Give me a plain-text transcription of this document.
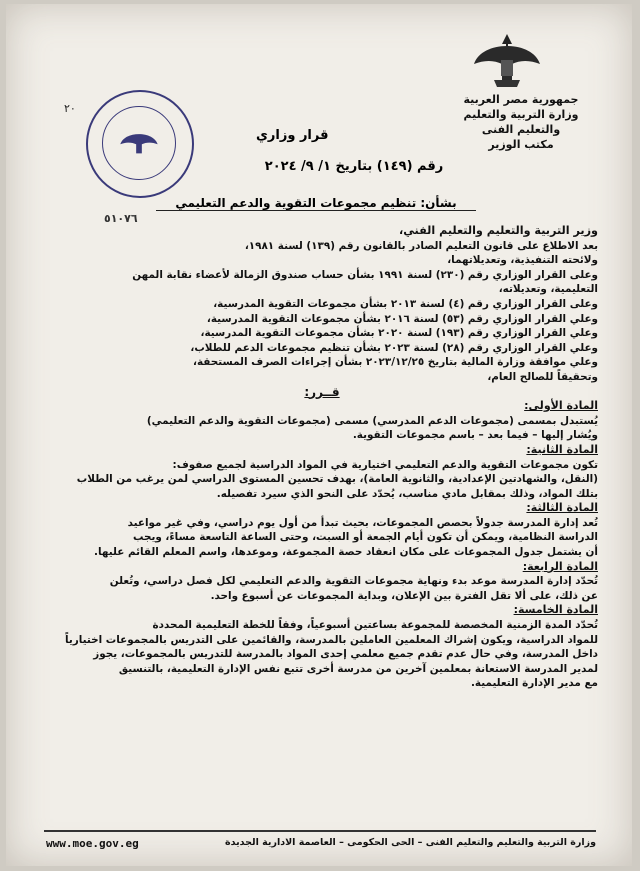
جمهورية مصر العربية
وزارة التربية والتعليم والتعليم الفنى
مكتب الوزير
٢٠
٥١٠٧٦
قرار وزاري
رقم (١٤٩) بتاريخ ١/ ٩/ ٢٠٢٤
بشأن: تنظيم مجموعات التقوية والدعم التعليمي

وزير التربية والتعليم والتعليم الفني،

بعد الاطلاع على قانون التعليم الصادر بالقانون رقم (١٣٩) لسنة ١٩٨١،

ولائحته التنفيذية، وتعديلاتهما،

وعلى القرار الوزاري رقم (٢٣٠) لسنة ١٩٩١ بشأن حساب صندوق الزمالة لأعضاء نقابة المهن

التعليمية، وتعديلاته،

وعلى القرار الوزاري رقم (٤) لسنة ٢٠١٣ بشأن مجموعات التقوية المدرسية،

وعلي القرار الوزاري رقم (٥٣) لسنة ٢٠١٦ بشأن مجموعات التقوية المدرسية،

وعلي القرار الوزاري رقم (١٩٣) لسنة ٢٠٢٠ بشأن مجموعات التقوية المدرسية،

وعلي القرار الوزاري رقم (٢٨) لسنة ٢٠٢٣ بشأن تنظيم مجموعات الدعم للطلاب،

وعلي موافقة وزارة المالية بتاريخ ٢٠٢٣/١٢/٢٥ بشأن إجراءات الصرف المستحقة،

وتحقيقاً للصالح العام،

قــرر:

المادة الأولى:

يُستبدل بمسمى (مجموعات الدعم المدرسي) مسمى (مجموعات التقوية والدعم التعليمي)

ويُشار إليها – فيما بعد – باسم مجموعات التقوية.

المادة الثانية:

تكون مجموعات التقوية والدعم التعليمي اختيارية في المواد الدراسية لجميع صفوف:

(النقل، والشهادتين الإعدادية، والثانوية العامة)، بهدف تحسين المستوى الدراسي لمن يرغب من الطلاب

بتلك المواد، وذلك بمقابل مادي مناسب، يُحدّد على النحو الذي سيرد تفصيله.

المادة الثالثة:

تُعد إدارة المدرسة جدولاً بحصص المجموعات، بحيث تبدأ من أول يوم دراسي، وفي غير مواعيد

الدراسة النظامية، ويمكن أن تكون أيام الجمعة أو السبت، وحتى الساعة التاسعة مساءً، ويجب

أن يشتمل جدول المجموعات على مكان انعقاد حصة المجموعة، وموعدها، واسم المعلم القائم عليها.

المادة الرابعة:

تُحدّد إدارة المدرسة موعد بدء ونهاية مجموعات التقوية والدعم التعليمي لكل فصل دراسي، وتُعلن

عن ذلك، على ألا تقل الفترة بين الإعلان، وبداية المجموعات عن أسبوع واحد.

المادة الخامسة:

تُحدّد المدة الزمنية المخصصة للمجموعة بساعتين أسبوعياً، وفقاً للخطة التعليمية المحددة

للمواد الدراسية، ويكون إشراك المعلمين العاملين بالمدرسة، والقائمين على التدريس بالمجموعات اختيارياً

داخل المدرسة، وفي حال عدم تقدم جميع معلمي إحدى المواد بالمدرسة للتدريس بالمجموعات، يجوز

لمدير المدرسة الاستعانة بمعلمين آخرين من مدرسة أخرى تتبع نفس الإدارة التعليمية، بالتنسيق

مع مدير الإدارة التعليمية.

www.moe.gov.eg	وزارة التربية والتعليم والتعليم الفنى – الحى الحكومى – العاصمة الادارية الجديدة
